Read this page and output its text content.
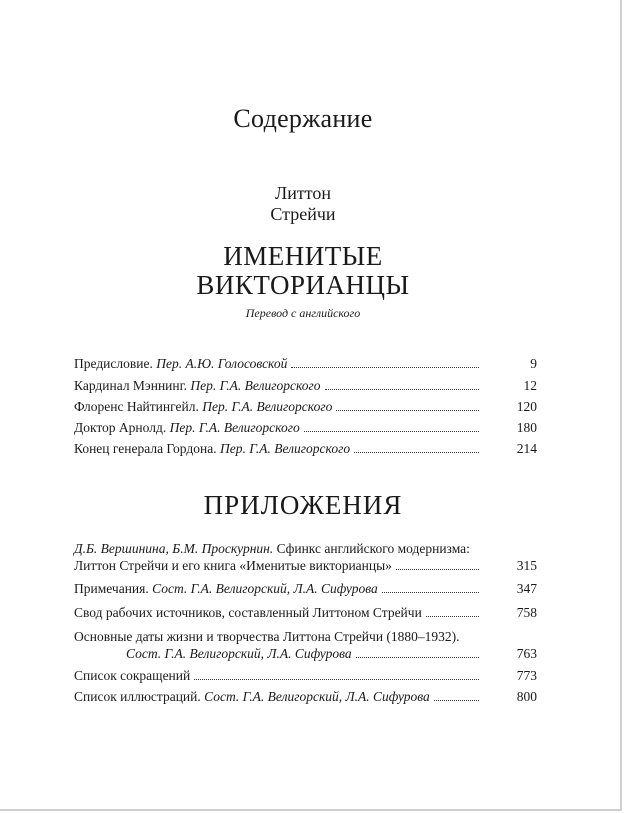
Содержание
Литтон
Стрейчи
ИМЕНИТЫЕ
ВИКТОРИАНЦЫ
Перевод с английского
Предисловие. Пер. А.Ю. Голосовской	9
Кардинал Мэннинг. Пер. Г.А. Велигорского	12
Флоренс Найтингейл. Пер. Г.А. Велигорского	120
Доктор Арнолд. Пер. Г.А. Велигорского	180
Конец генерала Гордона. Пер. Г.А. Велигорского	214
ПРИЛОЖЕНИЯ
Д.Б. Вершинина, Б.М. Проскурнин. Сфинкс английского модернизма:
Литтон Стрейчи и его книга «Именитые викторианцы»	315
Примечания. Сост. Г.А. Велигорский, Л.А. Сифурова	347
Свод рабочих источников, составленный Литтоном Стрейчи	758
Основные даты жизни и творчества Литтона Стрейчи (1880–1932).
Сост. Г.А. Велигорский, Л.А. Сифурова	763
Список сокращений	773
Список иллюстраций. Сост. Г.А. Велигорский, Л.А. Сифурова	800
